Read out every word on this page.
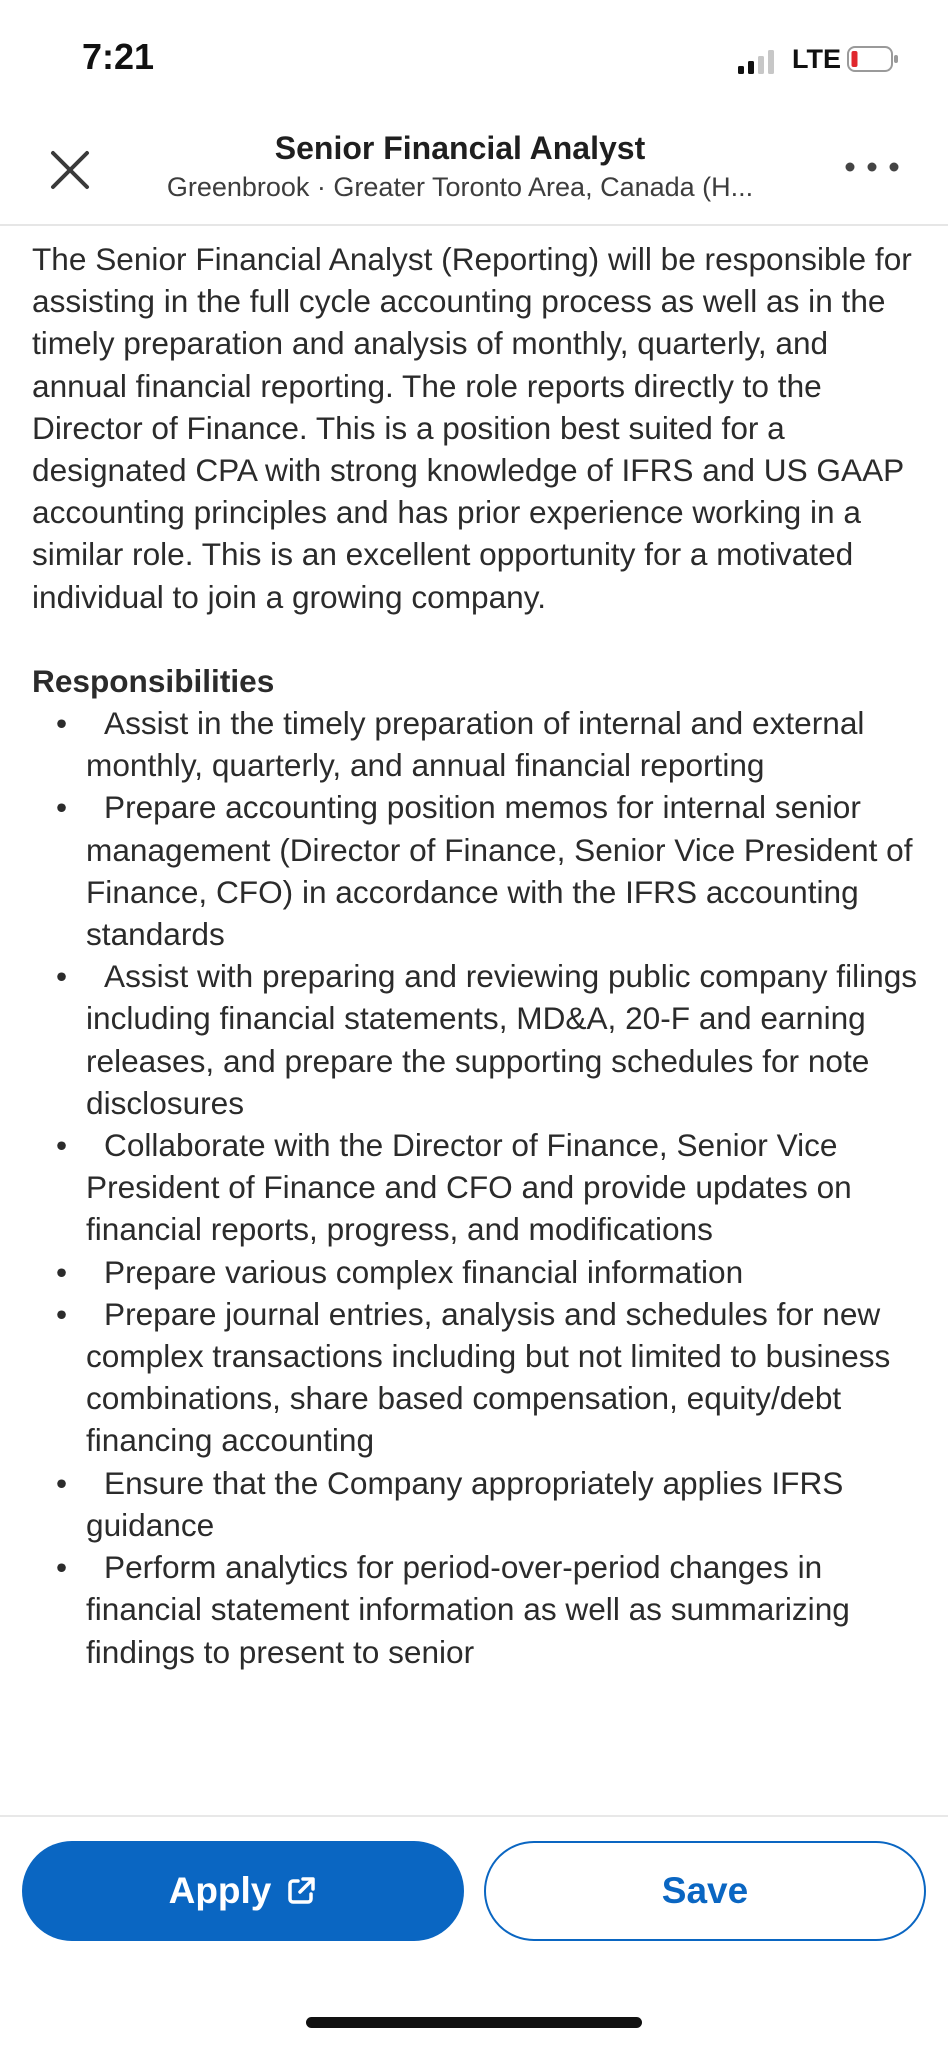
7:21	LTE
Senior Financial Analyst
Greenbrook · Greater Toronto Area, Canada (H...

The Senior Financial Analyst (Reporting) will be responsible for assisting in the full cycle accounting process as well as in the timely preparation and analysis of monthly, quarterly, and annual financial reporting. The role reports directly to the Director of Finance. This is a position best suited for a designated CPA with strong knowledge of IFRS and US GAAP accounting principles and has prior experience working in a similar role. This is an excellent opportunity for a motivated individual to join a growing company.

Responsibilities

•	Assist in the timely preparation of internal and external monthly, quarterly, and annual financial reporting
•	Prepare accounting position memos for internal senior management (Director of Finance, Senior Vice President of Finance, CFO) in accordance with the IFRS accounting standards
•	Assist with preparing and reviewing public company filings including financial statements, MD&A, 20-F and earning releases, and prepare the supporting schedules for note disclosures
•	Collaborate with the Director of Finance, Senior Vice President of Finance and CFO and provide updates on financial reports, progress, and modifications
•	Prepare various complex financial information
•	Prepare journal entries, analysis and schedules for new complex transactions including but not limited to business combinations, share based compensation, equity/debt financing accounting
•	Ensure that the Company appropriately applies IFRS guidance
•	Perform analytics for period-over-period changes in financial statement information as well as summarizing findings to present to senior
Apply	Save
